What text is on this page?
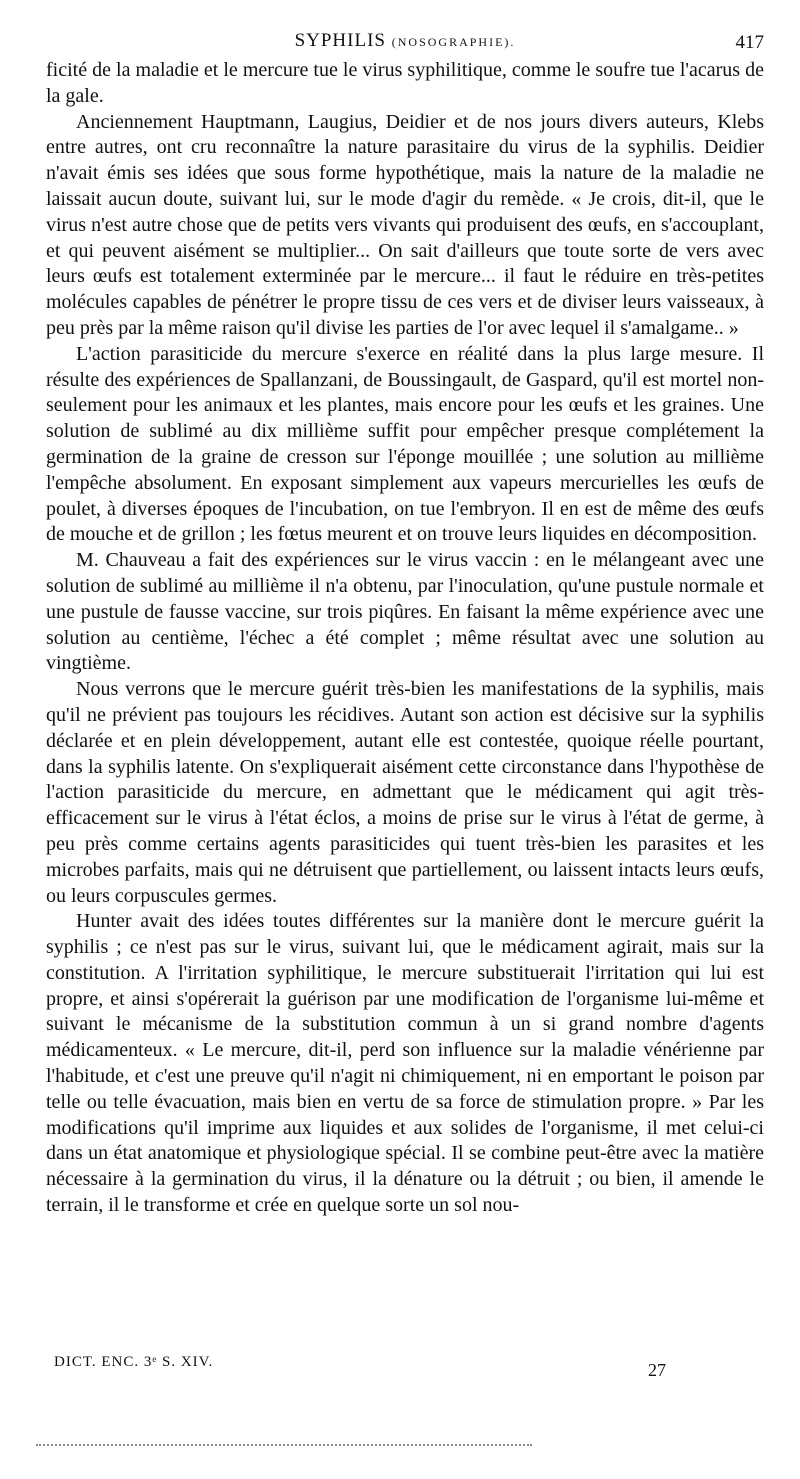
SYPHILIS (NOSOGRAPHIE).	417

ficité de la maladie et le mercure tue le virus syphilitique, comme le soufre tue l'acarus de la gale.

Anciennement Hauptmann, Laugius, Deidier et de nos jours divers auteurs, Klebs entre autres, ont cru reconnaître la nature parasitaire du virus de la syphilis. Deidier n'avait émis ses idées que sous forme hypothétique, mais la nature de la maladie ne laissait aucun doute, suivant lui, sur le mode d'agir du remède. « Je crois, dit-il, que le virus n'est autre chose que de petits vers vivants qui produisent des œufs, en s'accouplant, et qui peuvent aisément se multiplier... On sait d'ailleurs que toute sorte de vers avec leurs œufs est totalement exterminée par le mercure... il faut le réduire en très-petites molécules capables de pénétrer le propre tissu de ces vers et de diviser leurs vaisseaux, à peu près par la même raison qu'il divise les parties de l'or avec lequel il s'amalgame.. »

L'action parasiticide du mercure s'exerce en réalité dans la plus large mesure. Il résulte des expériences de Spallanzani, de Boussingault, de Gaspard, qu'il est mortel non-seulement pour les animaux et les plantes, mais encore pour les œufs et les graines. Une solution de sublimé au dix millième suffit pour empêcher presque complétement la germination de la graine de cresson sur l'éponge mouillée ; une solution au millième l'empêche absolument. En exposant simplement aux vapeurs mercurielles les œufs de poulet, à diverses époques de l'incubation, on tue l'embryon. Il en est de même des œufs de mouche et de grillon ; les fœtus meurent et on trouve leurs liquides en décomposition.

M. Chauveau a fait des expériences sur le virus vaccin : en le mélangeant avec une solution de sublimé au millième il n'a obtenu, par l'inoculation, qu'une pustule normale et une pustule de fausse vaccine, sur trois piqûres. En faisant la même expérience avec une solution au centième, l'échec a été complet ; même résultat avec une solution au vingtième.

Nous verrons que le mercure guérit très-bien les manifestations de la syphilis, mais qu'il ne prévient pas toujours les récidives. Autant son action est décisive sur la syphilis déclarée et en plein développement, autant elle est contestée, quoique réelle pourtant, dans la syphilis latente. On s'expliquerait aisément cette circonstance dans l'hypothèse de l'action parasiticide du mercure, en admettant que le médicament qui agit très-efficacement sur le virus à l'état éclos, a moins de prise sur le virus à l'état de germe, à peu près comme certains agents parasiticides qui tuent très-bien les parasites et les microbes parfaits, mais qui ne détruisent que partiellement, ou laissent intacts leurs œufs, ou leurs corpuscules germes.

Hunter avait des idées toutes différentes sur la manière dont le mercure guérit la syphilis ; ce n'est pas sur le virus, suivant lui, que le médicament agirait, mais sur la constitution. A l'irritation syphilitique, le mercure substituerait l'irritation qui lui est propre, et ainsi s'opérerait la guérison par une modification de l'organisme lui-même et suivant le mécanisme de la substitution commun à un si grand nombre d'agents médicamenteux. « Le mercure, dit-il, perd son influence sur la maladie vénérienne par l'habitude, et c'est une preuve qu'il n'agit ni chimiquement, ni en emportant le poison par telle ou telle évacuation, mais bien en vertu de sa force de stimulation propre. » Par les modifications qu'il imprime aux liquides et aux solides de l'organisme, il met celui-ci dans un état anatomique et physiologique spécial. Il se combine peut-être avec la matière nécessaire à la germination du virus, il la dénature ou la détruit ; ou bien, il amende le terrain, il le transforme et crée en quelque sorte un sol nou-

DICT. ENC. 3ᵉ S. XIV.	27
